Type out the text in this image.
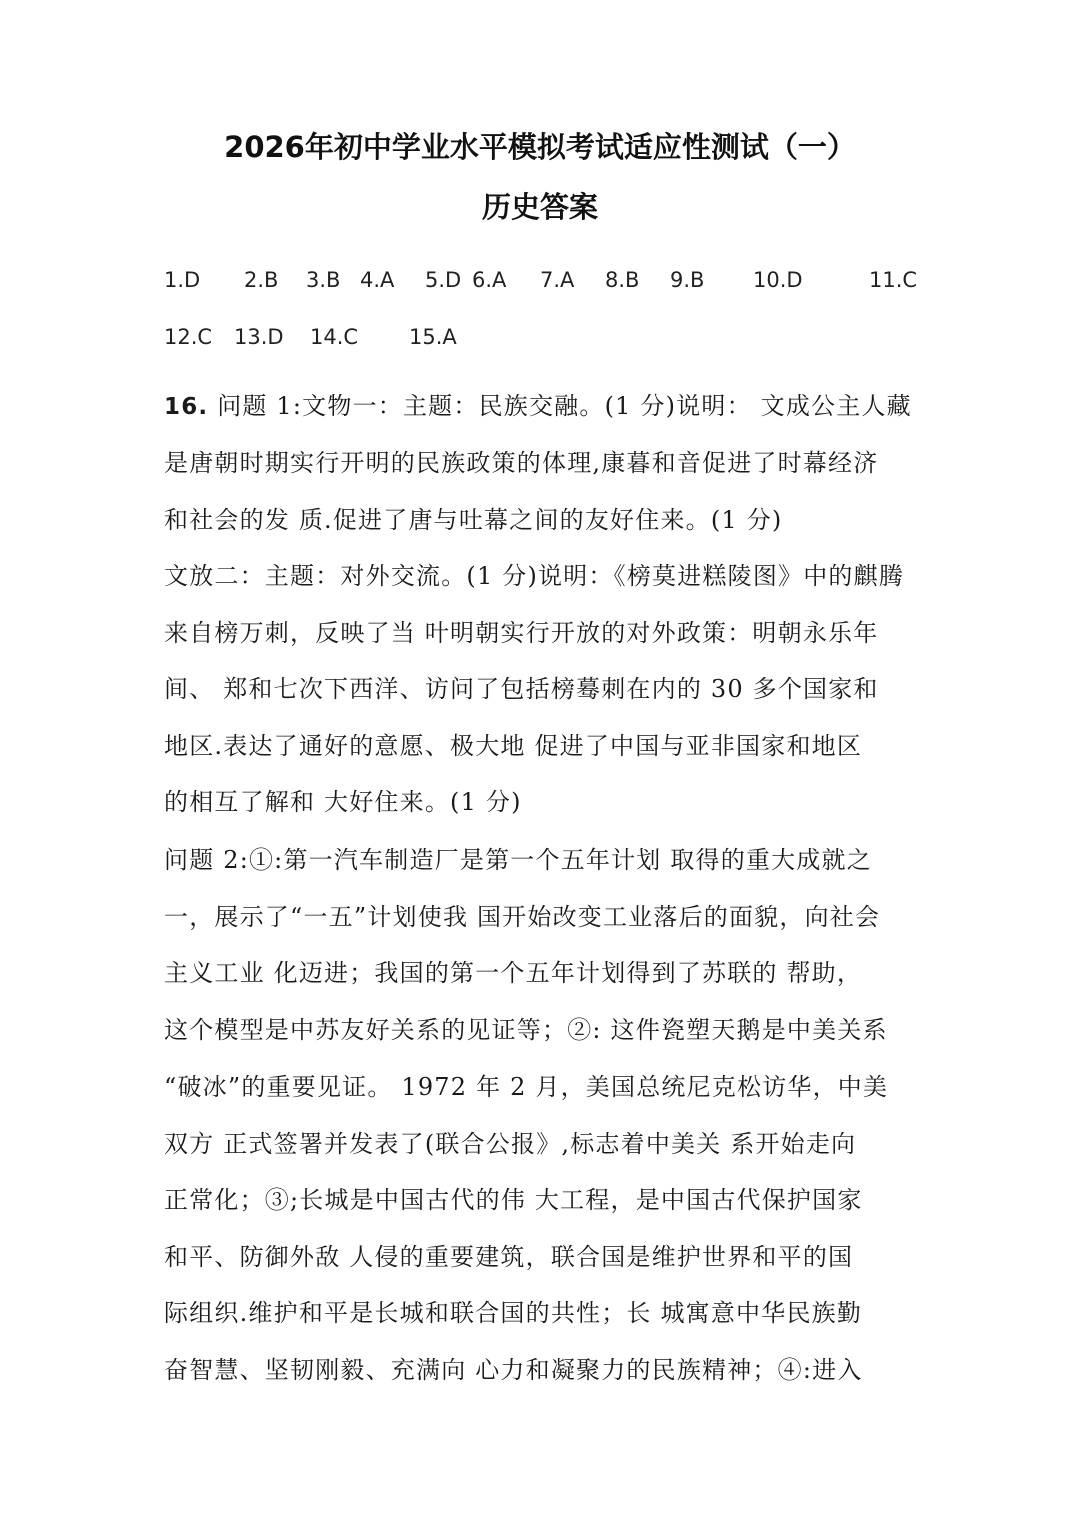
2026年初中学业水平模拟考试适应性测试（一）
历史答案
1.D 2.B 3.B 4.A 5.D 6.A 7.A 8.B 9.B 10.D	11.C
12.C 13.D 14.C 15.A
16. 问题 1:文物一：主题：民族交融。(1 分)说明： 文成公主人藏
是唐朝时期实行开明的民族政策的体理,康暮和音促进了时幕经济
和社会的发 质.促进了唐与吐幕之间的友好住来。(1 分)
文放二：主题：对外交流。(1 分)说明：《榜莫进糕陵图》中的麒腾
来自榜万刺，反映了当 叶明朝实行开放的对外政策：明朝永乐年
间、 郑和七次下西洋、访问了包括榜蓦刺在内的 30 多个国家和
地区.表达了通好的意愿、极大地 促进了中国与亚非国家和地区
的相互了解和 大好住来。(1 分)
问题 2:①:第一汽车制造厂是第一个五年计划 取得的重大成就之
一，展示了“一五”计划使我 国开始改变工业落后的面貌，向社会
主义工业 化迈进；我国的第一个五年计划得到了苏联的 帮助，
这个模型是中苏友好关系的见证等；②: 这件瓷塑天鹅是中美关系
“破冰”的重要见证。 1972 年 2 月，美国总统尼克松访华，中美
双方 正式签署并发表了(联合公报》,标志着中美关 系开始走向
正常化；③;长城是中国古代的伟 大工程，是中国古代保护国家
和平、防御外敌 人侵的重要建筑，联合国是维护世界和平的国
际组织.维护和平是长城和联合国的共性；长 城寓意中华民族勤
奋智慧、坚韧刚毅、充满向 心力和凝聚力的民族精神；④:进入
